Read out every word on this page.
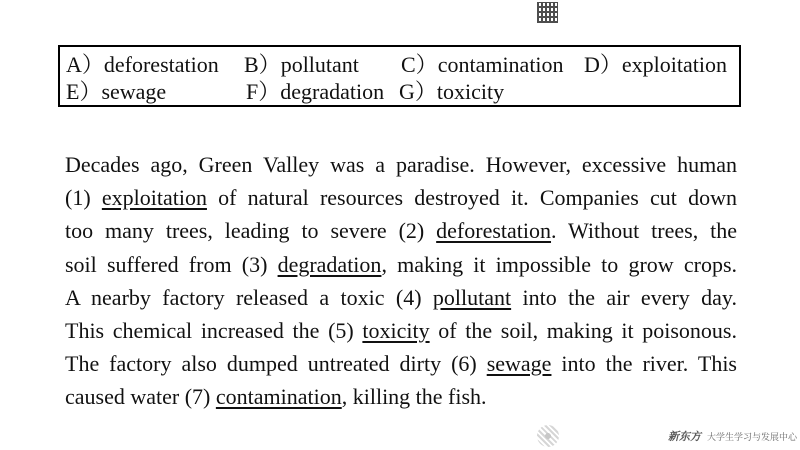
A）deforestation B）pollutant C）contamination D）exploitation
E）sewage	F）degradation G）toxicity
Decades ago, Green Valley was a paradise. However, excessive human
(1) exploitation of natural resources destroyed it. Companies cut down
too many trees, leading to severe (2) deforestation. Without trees, the
soil suffered from (3) degradation, making it impossible to grow crops.
A nearby factory released a toxic (4) pollutant into the air every day.
This chemical increased the (5) toxicity of the soil, making it poisonous.
The factory also dumped untreated dirty (6) sewage into the river. This
caused water (7) contamination, killing the fish.
新东方 大学生学习与发展中心
